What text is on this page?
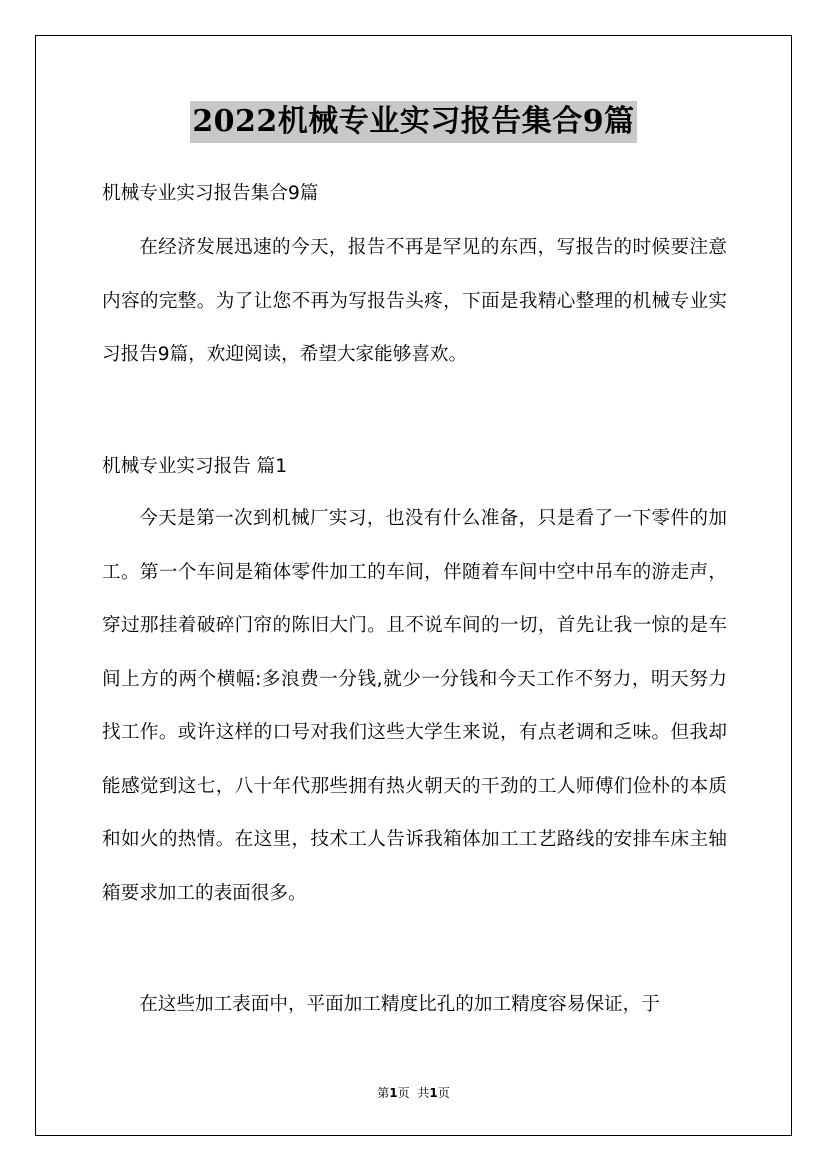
2022机械专业实习报告集合9篇

机械专业实习报告集合9篇

在经济发展迅速的今天，报告不再是罕见的东西，写报告的时候要注意内容的完整。为了让您不再为写报告头疼，下面是我精心整理的机械专业实习报告9篇，欢迎阅读，希望大家能够喜欢。

机械专业实习报告 篇1

今天是第一次到机械厂实习，也没有什么准备，只是看了一下零件的加工。第一个车间是箱体零件加工的车间，伴随着车间中空中吊车的游走声，穿过那挂着破碎门帘的陈旧大门。且不说车间的一切，首先让我一惊的是车间上方的两个横幅:多浪费一分钱,就少一分钱和今天工作不努力，明天努力找工作。或许这样的口号对我们这些大学生来说，有点老调和乏味。但我却能感觉到这七，八十年代那些拥有热火朝天的干劲的工人师傅们俭朴的本质和如火的热情。在这里，技术工人告诉我箱体加工工艺路线的安排车床主轴箱要求加工的表面很多。

在这些加工表面中，平面加工精度比孔的加工精度容易保证，于

第1页 共1页
